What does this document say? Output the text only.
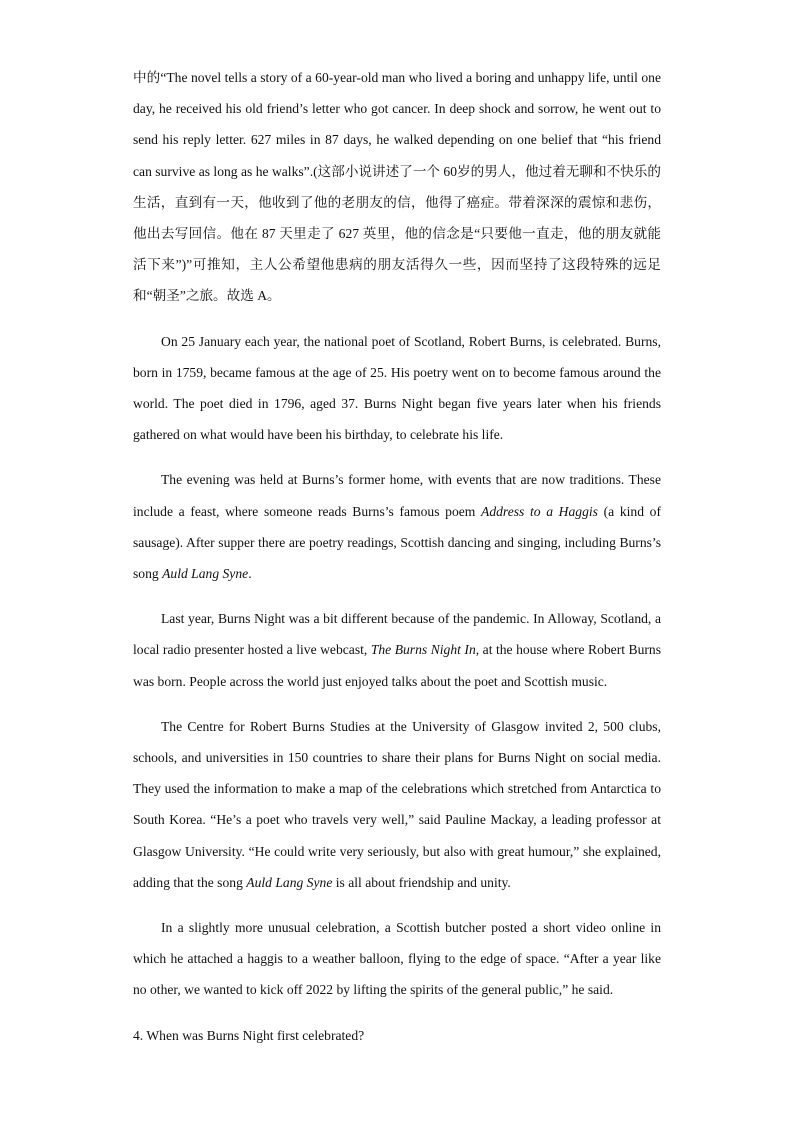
中的“The novel tells a story of a 60-year-old man who lived a boring and unhappy life, until one day, he received his old friend’s letter who got cancer. In deep shock and sorrow, he went out to send his reply letter. 627 miles in 87 days, he walked depending on one belief that “his friend can survive as long as he walks”.(这部小说讲述了一个 60岁的男人，他过着无聊和不快乐的生活，直到有一天，他收到了他的老朋友的信，他得了癌症。带着深深的震惊和悲伤，他出去写回信。他在 87 天里走了 627 英里，他的信念是“只要他一直走，他的朋友就能活下来”)”可推知，主人公希望他患病的朋友活得久一些，因而坚持了这段特殊的远足和“朝圣”之旅。故选 A。

On 25 January each year, the national poet of Scotland, Robert Burns, is celebrated. Burns, born in 1759, became famous at the age of 25. His poetry went on to become famous around the world. The poet died in 1796, aged 37. Burns Night began five years later when his friends gathered on what would have been his birthday, to celebrate his life.

The evening was held at Burns’s former home, with events that are now traditions. These include a feast, where someone reads Burns’s famous poem Address to a Haggis (a kind of sausage). After supper there are poetry readings, Scottish dancing and singing, including Burns’s song Auld Lang Syne.

Last year, Burns Night was a bit different because of the pandemic. In Alloway, Scotland, a local radio presenter hosted a live webcast, The Burns Night In, at the house where Robert Burns was born. People across the world just enjoyed talks about the poet and Scottish music.

The Centre for Robert Burns Studies at the University of Glasgow invited 2, 500 clubs, schools, and universities in 150 countries to share their plans for Burns Night on social media. They used the information to make a map of the celebrations which stretched from Antarctica to South Korea. “He’s a poet who travels very well,” said Pauline Mackay, a leading professor at Glasgow University. “He could write very seriously, but also with great humour,” she explained, adding that the song Auld Lang Syne is all about friendship and unity.

In a slightly more unusual celebration, a Scottish butcher posted a short video online in which he attached a haggis to a weather balloon, flying to the edge of space. “After a year like no other, we wanted to kick off 2022 by lifting the spirits of the general public,” he said.

4. When was Burns Night first celebrated?
